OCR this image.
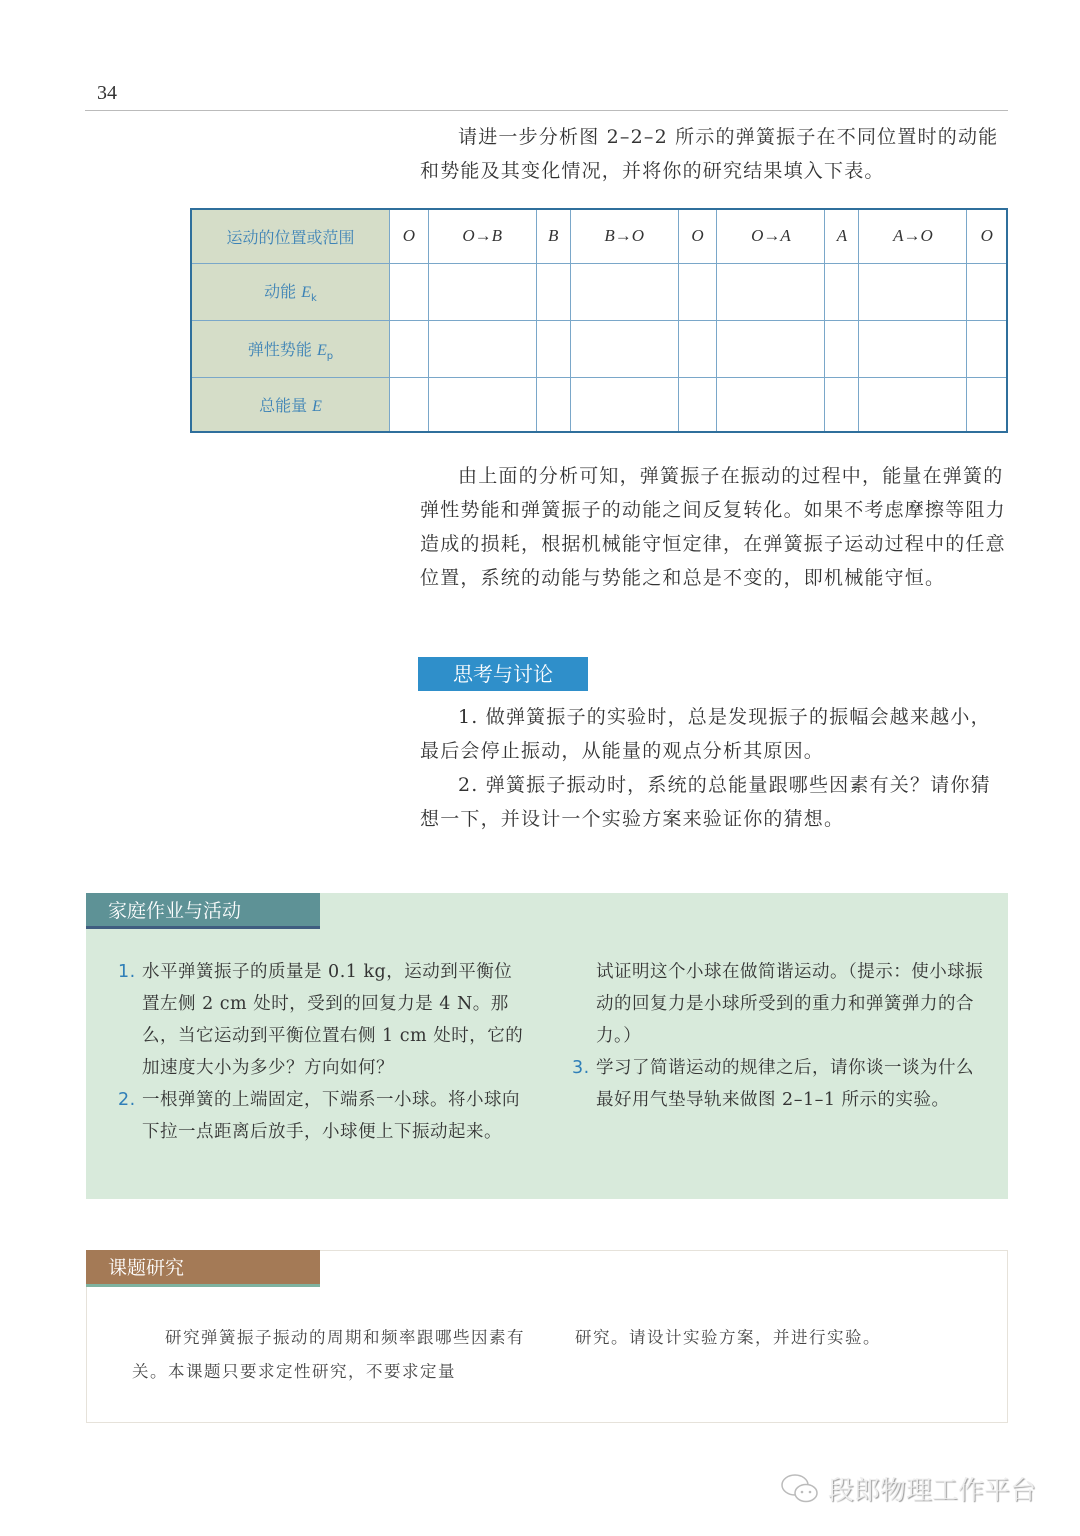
34

请进一步分析图 2–2–2 所示的弹簧振子在不同位置时的动能和势能及其变化情况，并将你的研究结果填入下表。

运动的位置或范围	O	O→B	B	B→O	O	O→A	A	A→O	O
动能 $E_k$									
弹性势能 $E_p$									
总能量 E									

由上面的分析可知，弹簧振子在振动的过程中，能量在弹簧的弹性势能和弹簧振子的动能之间反复转化。如果不考虑摩擦等阻力造成的损耗，根据机械能守恒定律，在弹簧振子运动过程中的任意位置，系统的动能与势能之和总是不变的，即机械能守恒。

思考与讨论

1. 做弹簧振子的实验时，总是发现振子的振幅会越来越小，最后会停止振动，从能量的观点分析其原因。

2. 弹簧振子振动时，系统的总能量跟哪些因素有关？请你猜想一下，并设计一个实验方案来验证你的猜想。

家庭作业与活动
1. 水平弹簧振子的质量是 0.1 kg，运动到平衡位置左侧 2 cm 处时，受到的回复力是 4 N。那么，当它运动到平衡位置右侧 1 cm 处时，它的加速度大小为多少？方向如何？
2. 一根弹簧的上端固定，下端系一小球。将小球向下拉一点距离后放手，小球便上下振动起来。
试证明这个小球在做简谐运动。（提示：使小球振动的回复力是小球所受到的重力和弹簧弹力的合力。）
3. 学习了简谐运动的规律之后，请你谈一谈为什么最好用气垫导轨来做图 2–1–1 所示的实验。
课题研究
研究弹簧振子振动的周期和频率跟哪些因素有关。本课题只要求定性研究，不要求定量
研究。请设计实验方案，并进行实验。
段郎物理工作平台
